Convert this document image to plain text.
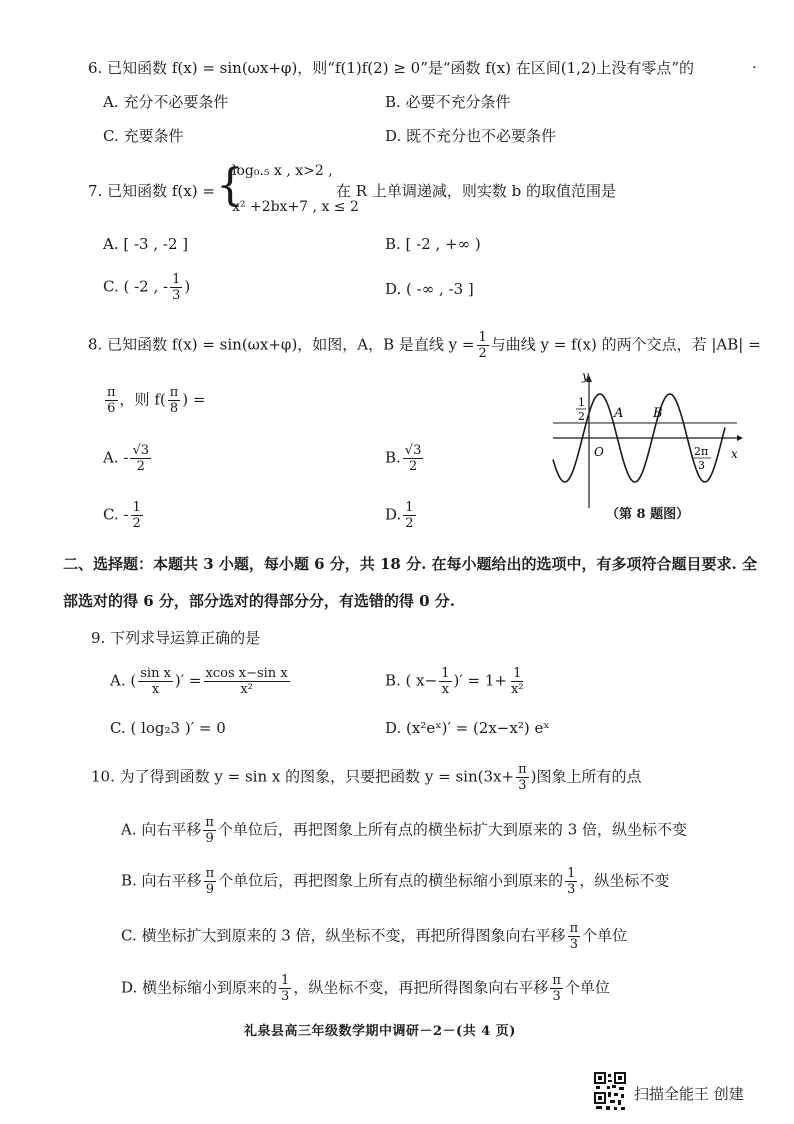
6. 已知函数 f(x) = sin(ωx+φ)，则“f(1)f(2) ≥ 0”是“函数 f(x) 在区间(1,2)上没有零点”的
A. 充分不必要条件	B. 必要不充分条件
C. 充要条件	D. 既不充分也不必要条件
·
7. 已知函数 f(x) = {
log₀.₅ x , x>2 ,
x² +2bx+7 , x ≤ 2
在 R 上单调递减，则实数 b 的取值范围是
A. [ -3 , -2 ]	B. [ -2 , +∞ )
C. ( -2 , - $\frac{1}{3}$ )	D. ( -∞ , -3 ]
8. 已知函数 f(x) = sin(ωx+φ)，如图，A，B 是直线 $y = \frac{1}{2}$ 与曲线 y = f(x) 的两个交点，若 |AB| =
$\frac{\pi}{6}$ ，则 $f( \frac{\pi}{8}$ ) =
A. - $\frac{√3}{2}$	B. $\frac{√3}{2}$
C. - $\frac{1}{2}$	D. $\frac{1}{2}$
y
x
O
1
2 A B
2π
3
（第 8 题图）
二、选择题：本题共 3 小题，每小题 6 分，共 18 分. 在每小题给出的选项中，有多项符合题目要求. 全
部选对的得 6 分，部分选对的得部分分，有选错的得 0 分.
9. 下列求导运算正确的是
A. ( $\frac{\text{sin x}}{x}$ )′ = $\frac{\text{xcos x−sin x}}{\text{x²}}$	B. ( $x- \frac{1}{x}$ )′ = $1+ \frac{1}{\text{x²}}$
C. ( log₂3 )′ = 0	D. (x²eˣ)′ = (2x−x²) eˣ
10. 为了得到函数 y = sin x 的图象，只要把函数 $y = \sin(3x+ \frac{\pi}{3}$ )图象上所有的点
A. 向右平移 $\frac{\pi}{9}$ 个单位后，再把图象上所有点的横坐标扩大到原来的 3 倍，纵坐标不变
B. 向右平移 $\frac{\pi}{9}$ 个单位后，再把图象上所有点的横坐标缩小到原来的 $\frac{1}{3}$ ，纵坐标不变
C. 横坐标扩大到原来的 3 倍，纵坐标不变，再把所得图象向右平移 $\frac{\pi}{3}$ 个单位
D. 横坐标缩小到原来的 $\frac{1}{3}$ ，纵坐标不变，再把所得图象向右平移 $\frac{\pi}{3}$ 个单位
礼泉县高三年级数学期中调研－2－(共 4 页)
扫描全能王 创建
